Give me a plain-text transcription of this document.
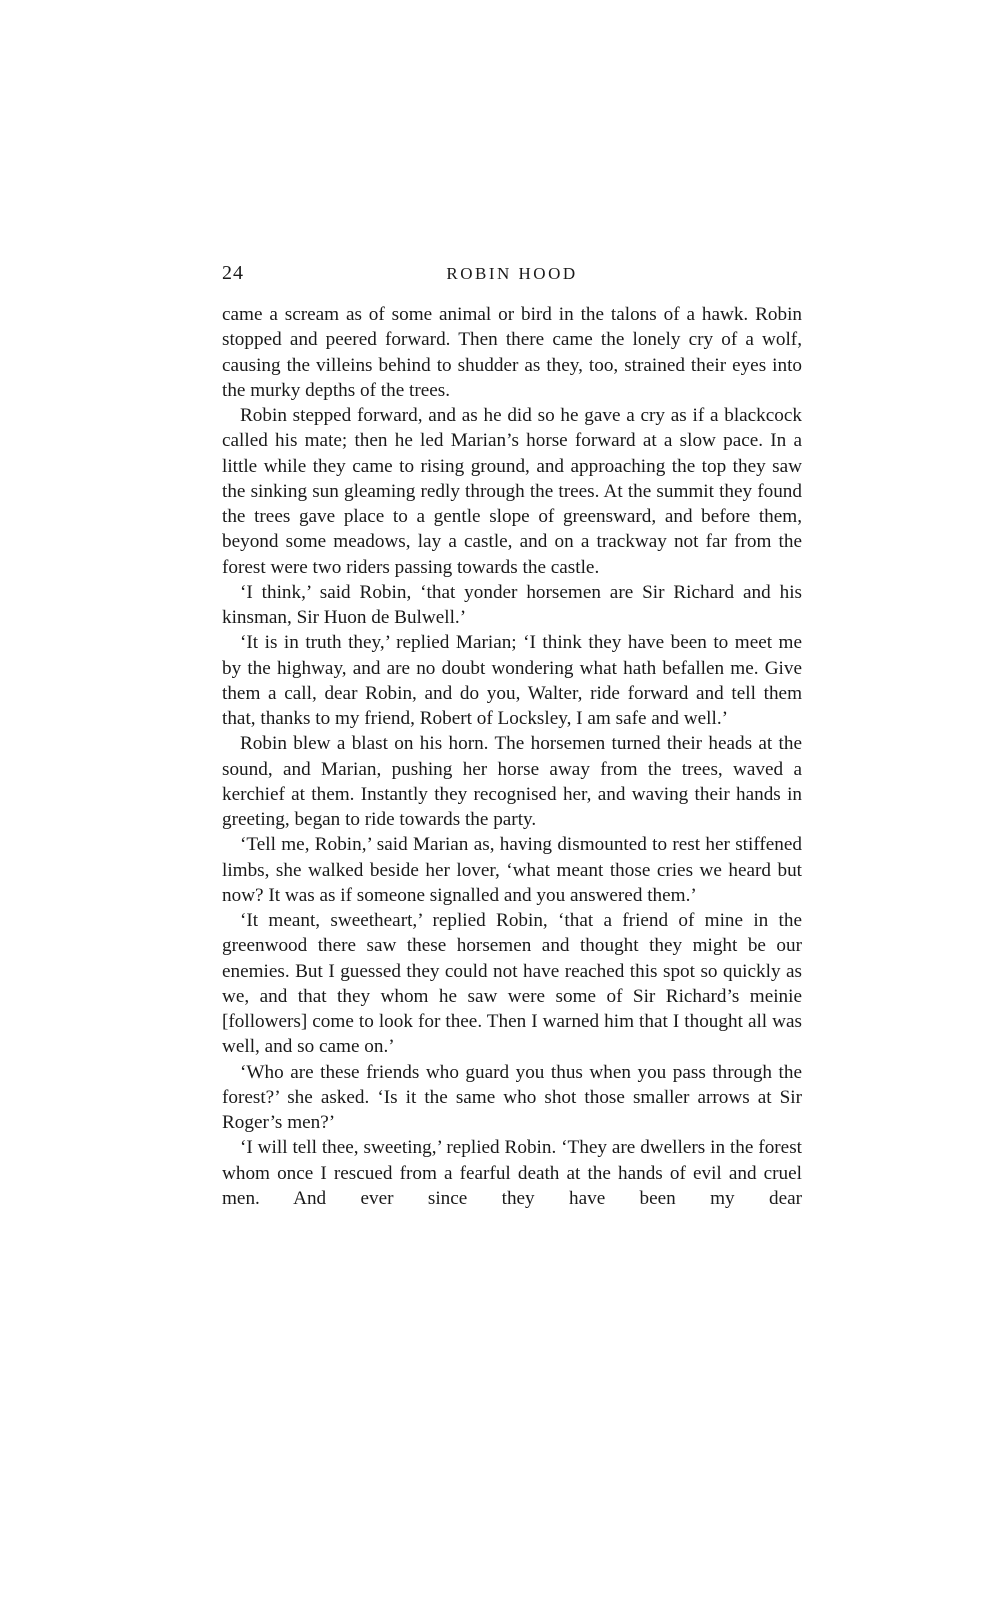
24	ROBIN HOOD

came a scream as of some animal or bird in the talons of a hawk. Robin stopped and peered forward. Then there came the lonely cry of a wolf, causing the villeins behind to shudder as they, too, strained their eyes into the murky depths of the trees.

Robin stepped forward, and as he did so he gave a cry as if a blackcock called his mate; then he led Marian’s horse forward at a slow pace. In a little while they came to rising ground, and approaching the top they saw the sinking sun gleaming redly through the trees. At the summit they found the trees gave place to a gentle slope of greensward, and before them, beyond some meadows, lay a castle, and on a trackway not far from the forest were two riders passing towards the castle.

‘I think,’ said Robin, ‘that yonder horsemen are Sir Richard and his kinsman, Sir Huon de Bulwell.’

‘It is in truth they,’ replied Marian; ‘I think they have been to meet me by the highway, and are no doubt wondering what hath befallen me. Give them a call, dear Robin, and do you, Walter, ride forward and tell them that, thanks to my friend, Robert of Locksley, I am safe and well.’

Robin blew a blast on his horn. The horsemen turned their heads at the sound, and Marian, pushing her horse away from the trees, waved a kerchief at them. Instantly they recognised her, and waving their hands in greeting, began to ride towards the party.

‘Tell me, Robin,’ said Marian as, having dismounted to rest her stiffened limbs, she walked beside her lover, ‘what meant those cries we heard but now? It was as if someone signalled and you answered them.’

‘It meant, sweetheart,’ replied Robin, ‘that a friend of mine in the greenwood there saw these horsemen and thought they might be our enemies. But I guessed they could not have reached this spot so quickly as we, and that they whom he saw were some of Sir Richard’s meinie [followers] come to look for thee. Then I warned him that I thought all was well, and so came on.’

‘Who are these friends who guard you thus when you pass through the forest?’ she asked. ‘Is it the same who shot those smaller arrows at Sir Roger’s men?’

‘I will tell thee, sweeting,’ replied Robin. ‘They are dwellers in the forest whom once I rescued from a fearful death at the hands of evil and cruel men. And ever since they have been my dear
